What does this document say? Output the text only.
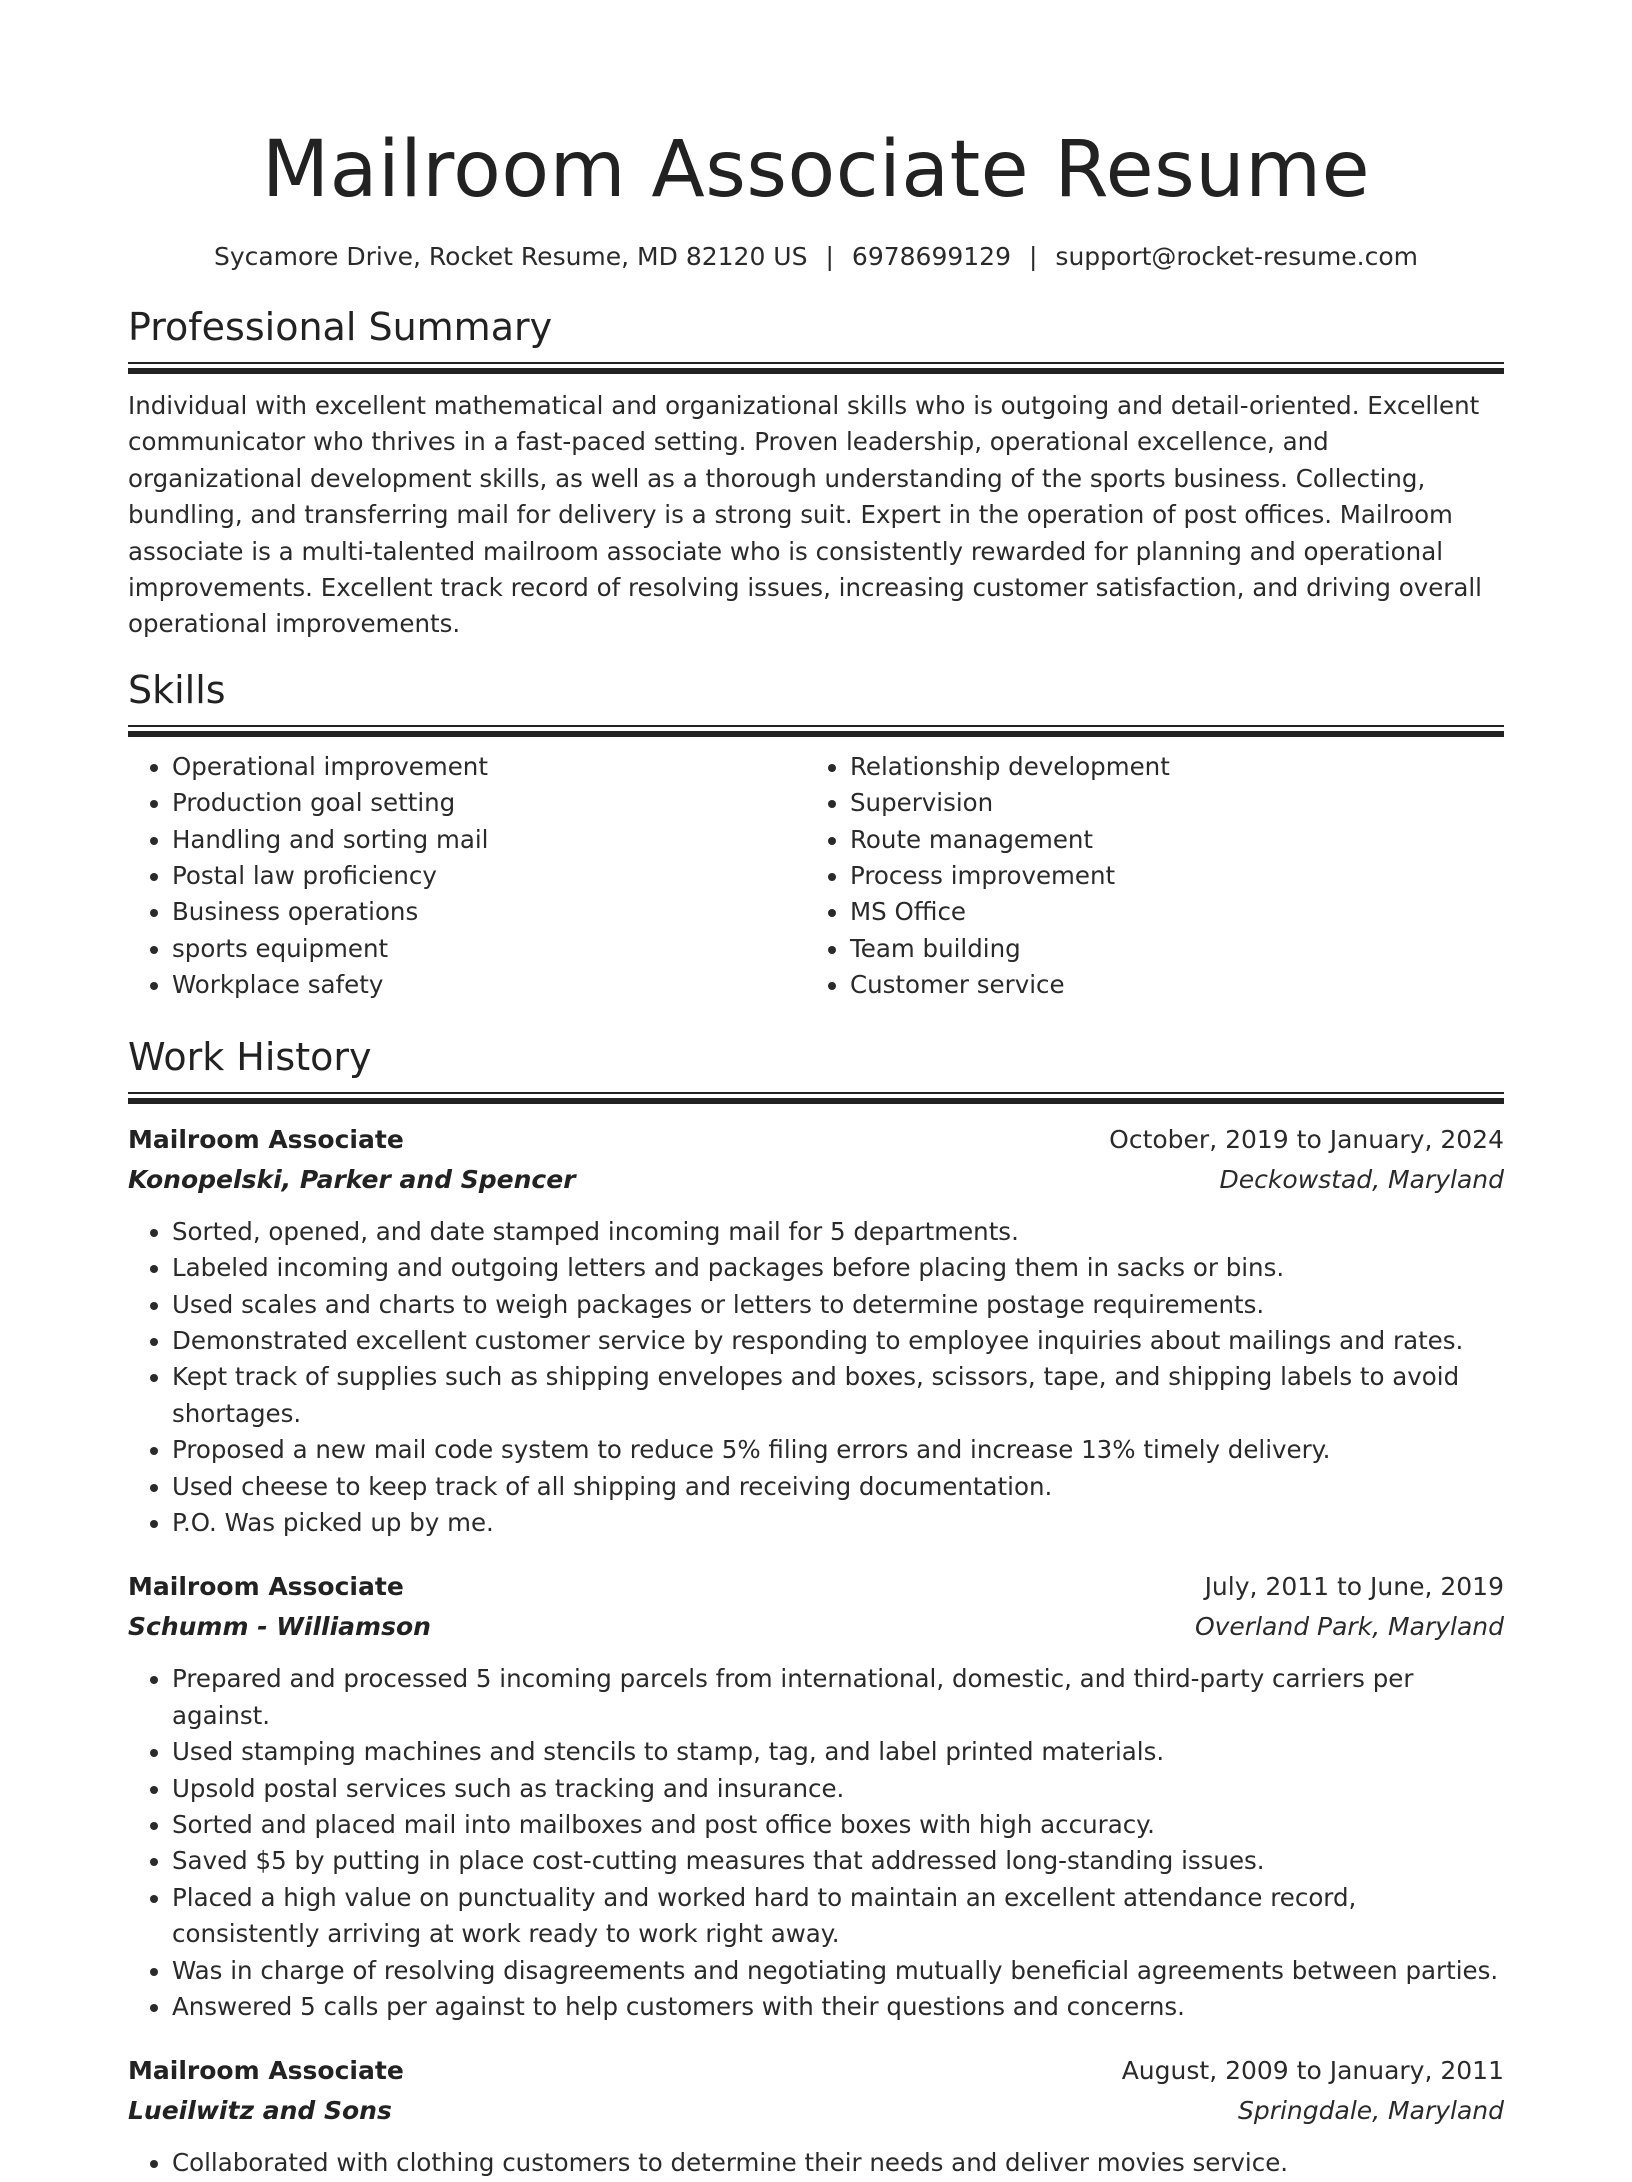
Mailroom Associate Resume
Sycamore Drive, Rocket Resume, MD 82120 US | 6978699129 | support@rocket-resume.com
Professional Summary

Individual with excellent mathematical and organizational skills who is outgoing and detail-oriented. Excellent communicator who thrives in a fast-paced setting. Proven leadership, operational excellence, and organizational development skills, as well as a thorough understanding of the sports business. Collecting, bundling, and transferring mail for delivery is a strong suit. Expert in the operation of post offices. Mailroom associate is a multi-talented mailroom associate who is consistently rewarded for planning and operational improvements. Excellent track record of resolving issues, increasing customer satisfaction, and driving overall operational improvements.

Skills
• Operational improvement
• Production goal setting
• Handling and sorting mail
• Postal law proficiency
• Business operations
• sports equipment
• Workplace safety
• Relationship development
• Supervision
• Route management
• Process improvement
• MS Office
• Team building
• Customer service
Work History
Mailroom Associate	October, 2019 to January, 2024
Konopelski, Parker and Spencer	Deckowstad, Maryland
• Sorted, opened, and date stamped incoming mail for 5 departments.
• Labeled incoming and outgoing letters and packages before placing them in sacks or bins.
• Used scales and charts to weigh packages or letters to determine postage requirements.
• Demonstrated excellent customer service by responding to employee inquiries about mailings and rates.
• Kept track of supplies such as shipping envelopes and boxes, scissors, tape, and shipping labels to avoid shortages.
• Proposed a new mail code system to reduce 5% filing errors and increase 13% timely delivery.
• Used cheese to keep track of all shipping and receiving documentation.
• P.O. Was picked up by me.
Mailroom Associate	July, 2011 to June, 2019
Schumm - Williamson	Overland Park, Maryland
• Prepared and processed 5 incoming parcels from international, domestic, and third-party carriers per against.
• Used stamping machines and stencils to stamp, tag, and label printed materials.
• Upsold postal services such as tracking and insurance.
• Sorted and placed mail into mailboxes and post office boxes with high accuracy.
• Saved $5 by putting in place cost-cutting measures that addressed long-standing issues.
• Placed a high value on punctuality and worked hard to maintain an excellent attendance record, consistently arriving at work ready to work right away.
• Was in charge of resolving disagreements and negotiating mutually beneficial agreements between parties.
• Answered 5 calls per against to help customers with their questions and concerns.
Mailroom Associate	August, 2009 to January, 2011
Lueilwitz and Sons	Springdale, Maryland
• Collaborated with clothing customers to determine their needs and deliver movies service.
